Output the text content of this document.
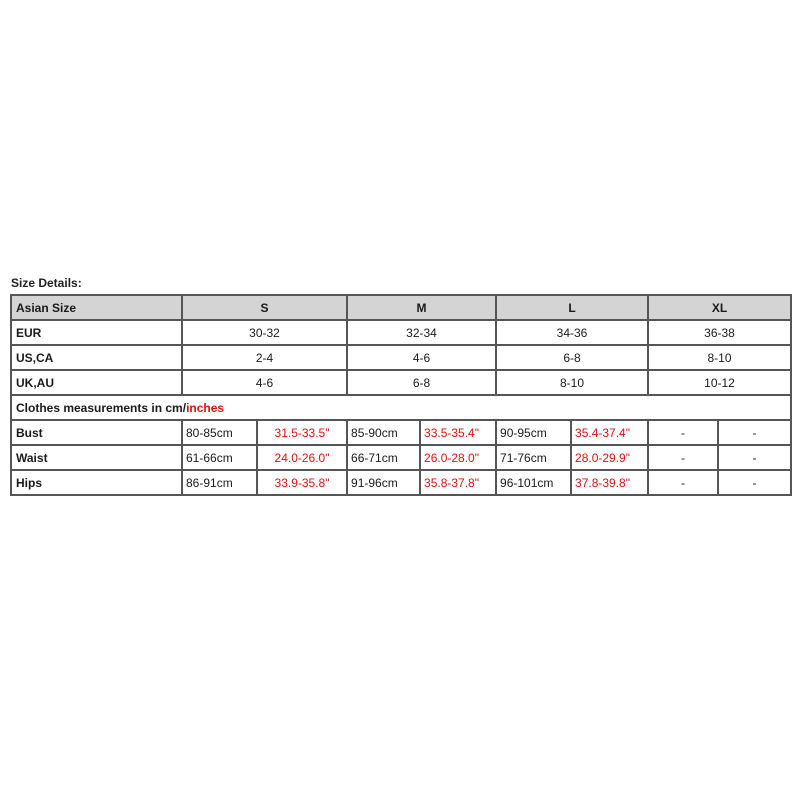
Size Details:
Asian Size	S		M		L		XL	
EUR	30-32		32-34		34-36		36-38	
US,CA	2-4		4-6		6-8		8-10	
UK,AU	4-6		6-8		8-10		10-12	
Clothes measurements in cm/inches								
Bust	80-85cm	31.5-33.5"	85-90cm	33.5-35.4"	90-95cm	35.4-37.4"	-	-
Waist	61-66cm	24.0-26.0"	66-71cm	26.0-28.0"	71-76cm	28.0-29.9"	-	-
Hips	86-91cm	33.9-35.8"	91-96cm	35.8-37.8"	96-101cm	37.8-39.8"	-	-
